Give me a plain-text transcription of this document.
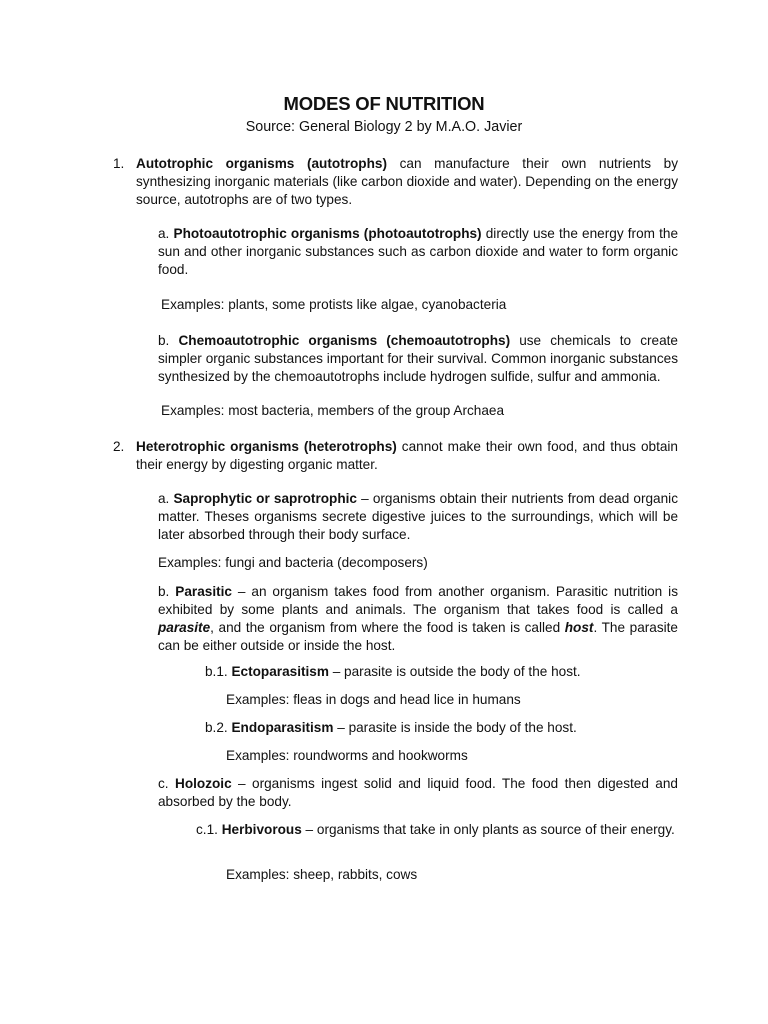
MODES OF NUTRITION
Source: General Biology 2 by M.A.O. Javier
1. Autotrophic organisms (autotrophs) can manufacture their own nutrients by synthesizing inorganic materials (like carbon dioxide and water). Depending on the energy source, autotrophs are of two types.

a. Photoautotrophic organisms (photoautotrophs) directly use the energy from the sun and other inorganic substances such as carbon dioxide and water to form organic food.

Examples: plants, some protists like algae, cyanobacteria

b. Chemoautotrophic organisms (chemoautotrophs) use chemicals to create simpler organic substances important for their survival. Common inorganic substances synthesized by the chemoautotrophs include hydrogen sulfide, sulfur and ammonia.

Examples: most bacteria, members of the group Archaea

2. Heterotrophic organisms (heterotrophs) cannot make their own food, and thus obtain their energy by digesting organic matter.

a. Saprophytic or saprotrophic – organisms obtain their nutrients from dead organic matter. Theses organisms secrete digestive juices to the surroundings, which will be later absorbed through their body surface.

Examples: fungi and bacteria (decomposers)

b. Parasitic – an organism takes food from another organism. Parasitic nutrition is exhibited by some plants and animals. The organism that takes food is called a parasite, and the organism from where the food is taken is called host. The parasite can be either outside or inside the host.

b.1. Ectoparasitism – parasite is outside the body of the host.

Examples: fleas in dogs and head lice in humans

b.2. Endoparasitism – parasite is inside the body of the host.

Examples: roundworms and hookworms

c. Holozoic – organisms ingest solid and liquid food. The food then digested and absorbed by the body.

c.1. Herbivorous – organisms that take in only plants as source of their energy.

Examples: sheep, rabbits, cows
